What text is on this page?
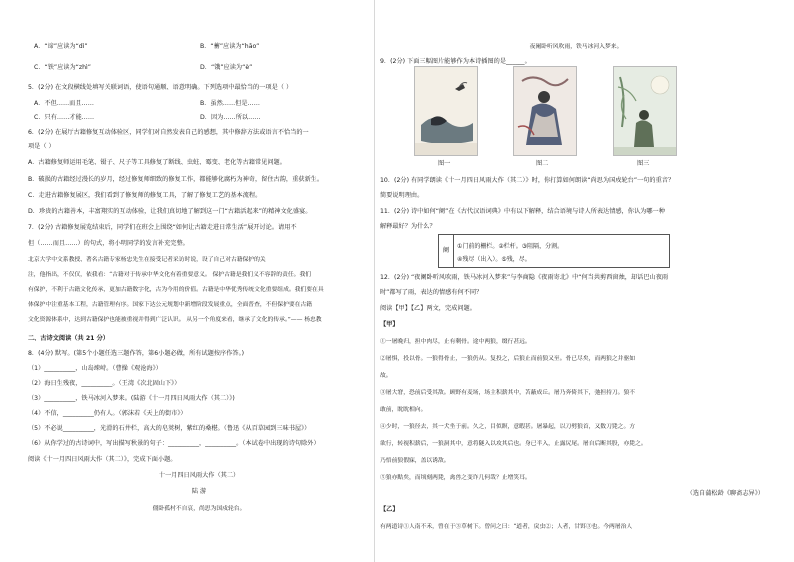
A．“谛”应读为“dì”	B．“蓄”应读为“hāo”
C．“铁”应读为“zhì”	D．“饿”应读为“è”
5．(2分) 在文段横线处填写关联词语，使语句通顺、语意明确。下列选项中最恰当的一项是（ ）
A．不但……而且……	B．虽然……但是……
C．只有……才能……	D．因为……所以……
6．(2分) 在展厅古籍修复互动体验区，同学们对自然发表自己的感想，其中修辞方法或语言不恰当的一
项是（ ）
A．古籍修复师运用毛笔、镊子、尺子等工具修复了断线、虫蛀、霉变、老化等古籍常见问题。
B．破损的古籍经过漫长的岁月，经过修复师细致的修复工作，都能够化腐朽为神奇，留住古韵，重获新生。
C．走进古籍修复展区，我们看到了修复师的修复工具，了解了修复工艺的基本流程。
D．珍贵的古籍善本，丰富翔实的互动体验，让我们真切地了解到这一门“古籍活起来”的精神文化盛宴。
7．(2分) 古籍修复展览结束后，同学们在班会上围绕“如何让古籍走进日常生活”展开讨论。请用不
但（……而且……）的句式，将小明同学的发言补充完整。
北京大学中文系教授、著名古籍专家杨忠先生在接受记者采访时说，设了自己对古籍保护的关
注，他指出，不仅仅，依我看：“古籍对于传承中华文化有着重要意义。 保护古籍是我们义不容辞的责任。我们
有保护，不利于古籍文化传承，更加古籍数字化，古为今用的价值。古籍是中华优秀传统文化重要组成。我们要在具
体保护中注重基本工程，古籍管理有序。国家下达公元规划中新增阶段发展重点，全面普查，不但保护要在古籍
文化资源体系中，达到古籍保护也能被重视并得到广泛认识。 从另一个角度来看，继承了文化的传承。”—— 杨忠教
二、古诗文阅读（共 21 分）
8．(4分) 默写。(第5个小题任选三题作答，第6小题必做，所有试题按序作答。)
（1）__________，山岛竦峙。（曹操《观沧海》）
（2）海日生残夜，__________。（王湾《次北固山下》）
（3）__________，铁马冰河入梦来。(陆游《十一月四日风雨大作（其二）》)
（4）不信，__________仍有人。（郭沫若《天上的街市》）
（5）不必说__________，光滑的石井栏，高大的皂荚树，紫红的桑椹。（鲁迅《从百草园到三味书屋》）
（6）从你学过的古诗词中，写出描写秋景的句子：__________，__________。（本试卷中出现的诗句除外）
阅读《十一月四日风雨大作（其二）》，完成下面小题。
十一月四日风雨大作（其二）
陆 游
僵卧孤村不自哀，尚思为国戍轮台。
夜阑卧听风吹雨，铁马冰河入梦来。
9．(2分) 下面三幅图片能够作为本诗插图的是______。
图一	图二	图三
10．(2分) 有同学朗读《十一月四日风雨大作（其二）》时，你打算如何朗读“尚思为国戍轮台”一句的重音？
简要说明理由。
11．(2分) 诗中如何“阑”在《古代汉语词典》中有以下解释，结合语境与诗人所表达情感，你认为哪一种
解释最好？为什么？
阑
①门前的栅栏。②栏杆。③阻隔，分割。
④残尽（出入）。⑤残，尽。
12．(2分) “夜阑卧听风吹雨，铁马冰河入梦来”与李商隐《夜雨寄北》中“何当共剪西窗烛，却话巴山夜雨
时”都写了雨，表达的情感有何不同？
阅读【甲】【乙】两文，完成问题。
【甲】
①一屠晚归，担中肉尽，止有剩骨。途中两狼，缀行甚远。
②屠惧，投以骨。一狼得骨止，一狼仍从。复投之，后狼止而前狼又至。骨已尽矣，而两狼之并驱如
故。
③屠大窘，恐前后受其敌。顾野有麦场，场主积薪其中，苫蔽成丘。屠乃奔倚其下，弛担持刀。狼不
敢前，眈眈相向。
④少时，一狼径去，其一犬坐于前。久之，目似瞑，意暇甚。屠暴起，以刀劈狼首，又数刀毙之。方
欲行，转视积薪后，一狼洞其中，意将隧入以攻其后也。身已半入，止露尻尾。屠自后断其股，亦毙之。
乃悟前狼假寐，盖以诱敌。
⑤狼亦黠矣，而顷刻两毙，禽兽之变诈几何哉？止增笑耳。
（选自蒲松龄《聊斋志异》）
【乙】
有两道诗①人南不禾，曾在于③草树下。曾问之曰：“道者，戾虫②；人者，甘饵③也。今两屠治人
